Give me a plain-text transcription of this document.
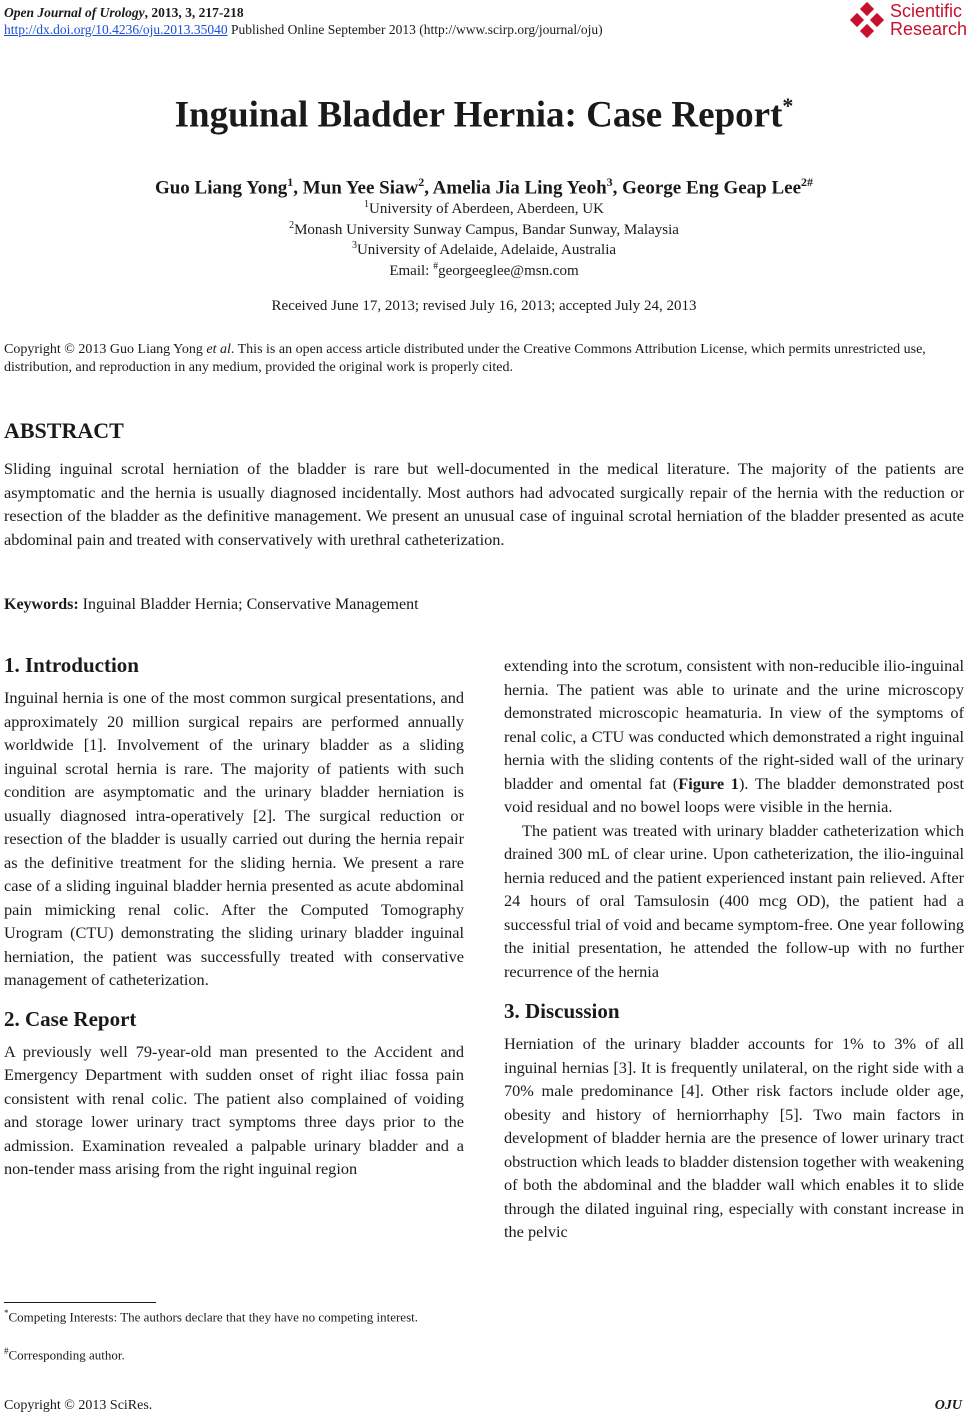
Open Journal of Urology, 2013, 3, 217-218
http://dx.doi.org/10.4236/oju.2013.35040 Published Online September 2013 (http://www.scirp.org/journal/oju)
Scientific
Research
Inguinal Bladder Hernia: Case Report*
Guo Liang Yong$^1$, Mun Yee Siaw$^2$, Amelia Jia Ling Yeoh$^3$, George Eng Geap Lee$^{2\#}$
$^1$University of Aberdeen, Aberdeen, UK
$^2$Monash University Sunway Campus, Bandar Sunway, Malaysia
$^3$University of Adelaide, Adelaide, Australia
Email: #georgeeglee@msn.com
Received June 17, 2013; revised July 16, 2013; accepted July 24, 2013
Copyright © 2013 Guo Liang Yong et al. This is an open access article distributed under the Creative Commons Attribution License, which permits unrestricted use, distribution, and reproduction in any medium, provided the original work is properly cited.
ABSTRACT

Sliding inguinal scrotal herniation of the bladder is rare but well-documented in the medical literature. The majority of the patients are asymptomatic and the hernia is usually diagnosed incidentally. Most authors had advocated surgically repair of the hernia with the reduction or resection of the bladder as the definitive management. We present an unusual case of inguinal scrotal herniation of the bladder presented as acute abdominal pain and treated with conservatively with urethral catheterization.

Keywords: Inguinal Bladder Hernia; Conservative Management
1. Introduction

Inguinal hernia is one of the most common surgical presentations, and approximately 20 million surgical repairs are performed annually worldwide [1]. Involvement of the urinary bladder as a sliding inguinal scrotal hernia is rare. The majority of patients with such condition are asymptomatic and the urinary bladder herniation is usually diagnosed intra-operatively [2]. The surgical reduction or resection of the bladder is usually carried out during the hernia repair as the definitive treatment for the sliding hernia. We present a rare case of a sliding inguinal bladder hernia presented as acute abdominal pain mimicking renal colic. After the Computed Tomography Urogram (CTU) demonstrating the sliding urinary bladder inguinal herniation, the patient was successfully treated with conservative management of catheterization.

2. Case Report

A previously well 79-year-old man presented to the Accident and Emergency Department with sudden onset of right iliac fossa pain consistent with renal colic. The patient also complained of voiding and storage lower urinary tract symptoms three days prior to the admission. Examination revealed a palpable urinary bladder and a non-tender mass arising from the right inguinal region

extending into the scrotum, consistent with non-reducible ilio-inguinal hernia. The patient was able to urinate and the urine microscopy demonstrated microscopic heamaturia. In view of the symptoms of renal colic, a CTU was conducted which demonstrated a right inguinal hernia with the sliding contents of the right-sided wall of the urinary bladder and omental fat (Figure 1). The bladder demonstrated post void residual and no bowel loops were visible in the hernia.

The patient was treated with urinary bladder catheterization which drained 300 mL of clear urine. Upon catheterization, the ilio-inguinal hernia reduced and the patient experienced instant pain relieved. After 24 hours of oral Tamsulosin (400 mcg OD), the patient had a successful trial of void and became symptom-free. One year following the initial presentation, he attended the follow-up with no further recurrence of the hernia

3. Discussion

Herniation of the urinary bladder accounts for 1% to 3% of all inguinal hernias [3]. It is frequently unilateral, on the right side with a 70% male predominance [4]. Other risk factors include older age, obesity and history of herniorrhaphy [5]. Two main factors in development of bladder hernia are the presence of lower urinary tract obstruction which leads to bladder distension together with weakening of both the abdominal and the bladder wall which enables it to slide through the dilated inguinal ring, especially with constant increase in the pelvic

*Competing Interests: The authors declare that they have no competing interest.
#Corresponding author.
Copyright © 2013 SciRes.	OJU
